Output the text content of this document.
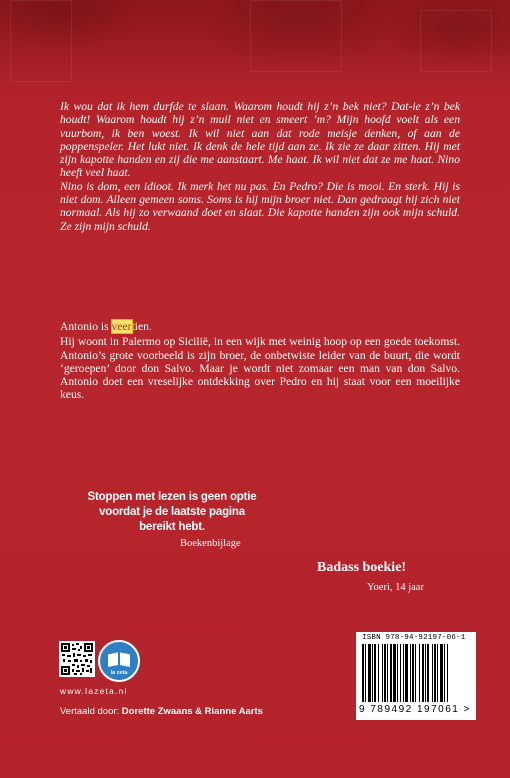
Ik wou dat ik hem durfde te slaan. Waarom houdt hij z’n bek niet? Dat-ie z’n bek houdt! Waarom houdt hij z’n muil niet en smeert ’m? Mijn hoofd voelt als een vuurbom, ik ben woest. Ik wil niet aan dat rode meisje denken, of aan de poppenspeler. Het lukt niet. Ik denk de hele tijd aan ze. Ik zie ze daar zitten. Hij met zijn kapotte handen en zij die me aanstaart. Me haat. Ik wil niet dat ze me haat. Nino heeft veel haat.

Nino is dom, een idioot. Ik merk het nu pas. En Pedro? Die is mooi. En sterk. Hij is niet dom. Alleen gemeen soms. Soms is hij mijn broer niet. Dan gedraagt hij zich niet normaal. Als hij zo verwaand doet en slaat. Die kapotte handen zijn ook mijn schuld. Ze zijn mijn schuld.

Antonio is veertien.

Hij woont in Palermo op Sicilië, in een wijk met weinig hoop op een goede toekomst. Antonio’s grote voorbeeld is zijn broer, de onbetwiste leider van de buurt, die wordt ‘geroepen’ door don Salvo. Maar je wordt niet zomaar een man van don Salvo. Antonio doet een vreselijke ontdekking over Pedro en hij staat voor een moeilijke keus.

Stoppen met lezen is geen optie voordat je de laatste pagina bereikt hebt.
Boekenbijlage
Badass boekie!
Yoeri, 14 jaar
la zeta
www.lazeta.nl
Vertaald door: Dorette Zwaans & Rianne Aarts
ISBN 978-94-92197-06-1
9 789492 197061 >
